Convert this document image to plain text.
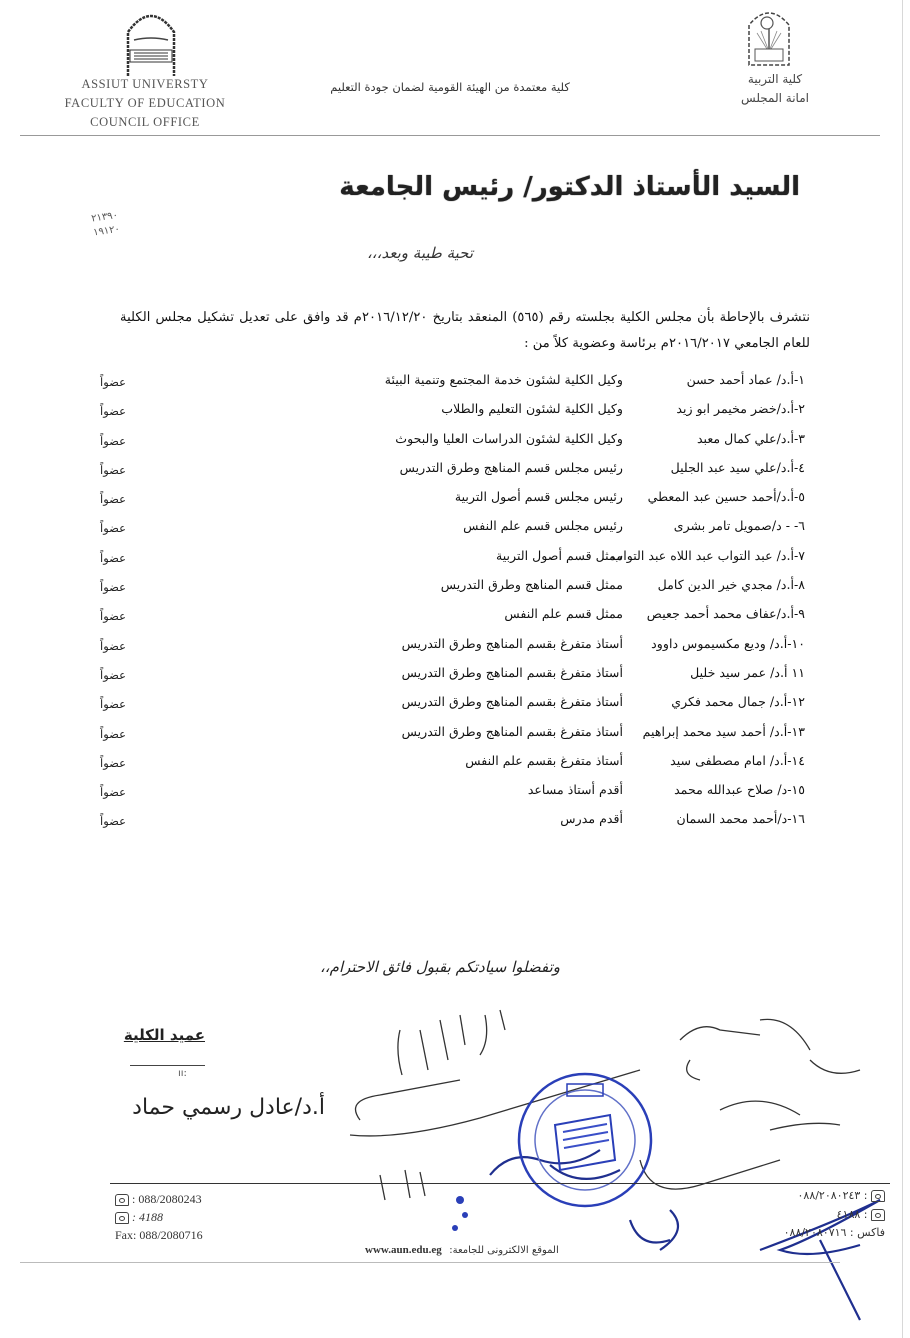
ASSIUT UNIVERSTY
FACULTY OF EDUCATION
COUNCIL OFFICE
كلية معتمدة من الهيئة القومية لضمان جودة التعليم
كلية التربية
امانة المجلس
٢١٣٩٠
١٩١٢٠
السيد الأستاذ الدكتور/ رئيس الجامعة
تحية طيبة وبعد،،،
نتشرف بالإحاطة بأن مجلس الكلية بجلسته رقم (٥٦٥) المنعقد بتاريخ ٢٠١٦/١٢/٢٠م قد وافق على تعديل تشكيل مجلس الكلية للعام الجامعي ٢٠١٦/٢٠١٧م برئاسة وعضوية كلاً من :
١-أ.د/ عماد أحمد حسن
وكيل الكلية لشئون خدمة المجتمع وتنمية البيئة
عضواً
٢-أ.د/خضر مخيمر ابو زيد
وكيل الكلية لشئون التعليم والطلاب
عضواً
٣-أ.د/علي كمال معبد
وكيل الكلية لشئون الدراسات العليا والبحوث
عضواً
٤-أ.د/علي سيد عبد الجليل
رئيس مجلس قسم المناهج وطرق التدريس
عضواً
٥-أ.د/أحمد حسين عبد المعطي
رئيس مجلس قسم أصول التربية
عضواً
٦- - د/صمويل تامر بشرى
رئيس مجلس قسم علم النفس
عضواً
٧-أ.د/ عبد التواب عبد اللاه عبد التواب
ممثل قسم أصول التربية
عضواً
٨-أ.د/ مجدي خير الدين كامل
ممثل قسم المناهج وطرق التدريس
عضواً
٩-أ.د/عفاف محمد أحمد جعيص
ممثل قسم علم النفس
عضواً
١٠-أ.د/ وديع مكسيموس داوود
أستاذ متفرغ بقسم المناهج وطرق التدريس
عضواً
١١ أ.د/ عمر سيد خليل
أستاذ متفرغ بقسم المناهج وطرق التدريس
عضواً
١٢-أ.د/ جمال محمد فكري
أستاذ متفرغ بقسم المناهج وطرق التدريس
عضواً
١٣-أ.د/ أحمد سيد محمد إبراهيم
أستاذ متفرغ بقسم المناهج وطرق التدريس
عضواً
١٤-أ.د/ امام مصطفى سيد
أستاذ متفرغ بقسم علم النفس
عضواً
١٥-د/ صلاح عبدالله محمد
أقدم أستاذ مساعد
عضواً
١٦-د/أحمد محمد السمان
أقدم مدرس
عضواً
وتفضلوا سيادتكم بقبول فائق الاحترام،،
عميد الكلية
ıı:
أ.د/عادل رسمي حماد
: 088/2080243
: 4188
Fax: 088/2080716
٠٨٨/٢٠٨٠٢٤٣ :
٤١٨٨ :
فاكس : ٠٨٨/٢٠٨٠٧١٦
www.aun.edu.eg الموقع الالكترونى للجامعة:
